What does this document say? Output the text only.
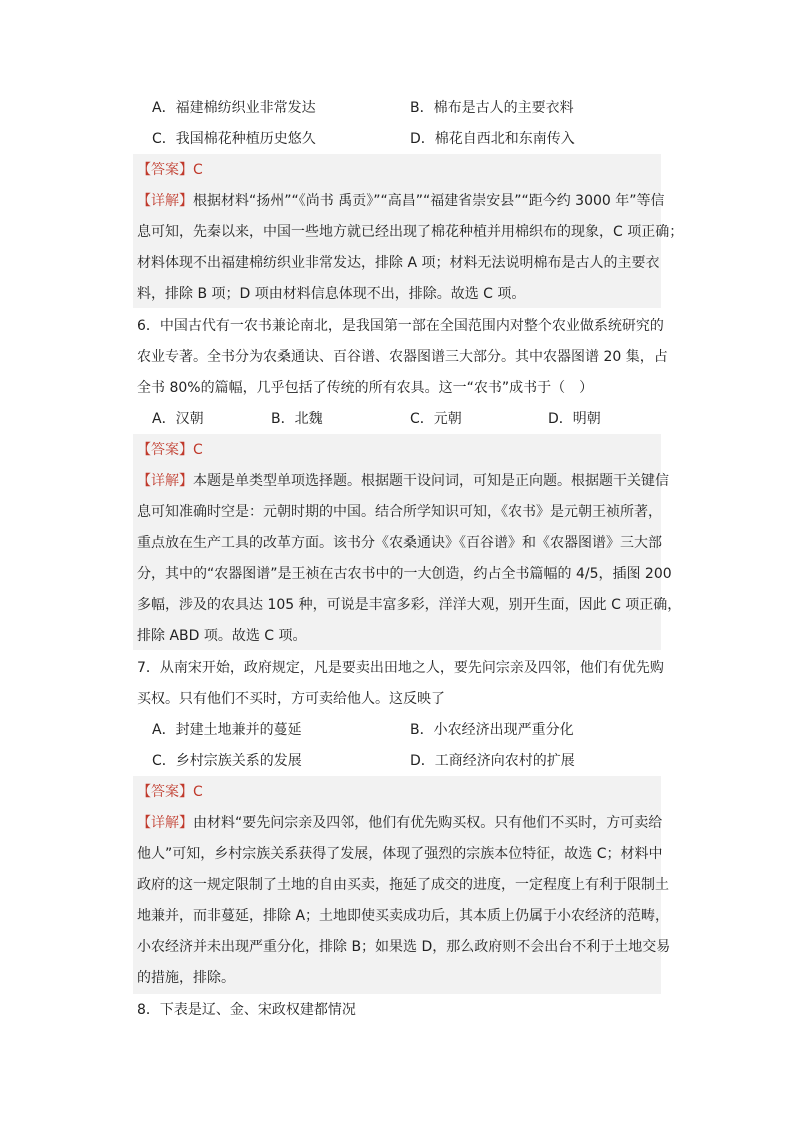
A．福建棉纺织业非常发达	B．棉布是古人的主要衣料
C．我国棉花种植历史悠久	D．棉花自西北和东南传入
【答案】C
【详解】根据材料“扬州”“《尚书 禹贡》”“高昌”“福建省崇安县”“距今约 3000 年”等信
息可知，先秦以来，中国一些地方就已经出现了棉花种植并用棉织布的现象，C 项正确；
材料体现不出福建棉纺织业非常发达，排除 A 项；材料无法说明棉布是古人的主要衣
料，排除 B 项；D 项由材料信息体现不出，排除。故选 C 项。
6．中国古代有一农书兼论南北，是我国第一部在全国范围内对整个农业做系统研究的
农业专著。全书分为农桑通诀、百谷谱、农器图谱三大部分。其中农器图谱 20 集，占
全书 80%的篇幅，几乎包括了传统的所有农具。这一“农书”成书于（　）
A．汉朝	B．北魏	C．元朝	D．明朝
【答案】C
【详解】本题是单类型单项选择题。根据题干设问词，可知是正向题。根据题干关键信
息可知准确时空是：元朝时期的中国。结合所学知识可知，《农书》是元朝王祯所著，
重点放在生产工具的改革方面。该书分《农桑通诀》《百谷谱》和《农器图谱》三大部
分，其中的“农器图谱”是王祯在古农书中的一大创造，约占全书篇幅的 4/5，插图 200
多幅，涉及的农具达 105 种，可说是丰富多彩，洋洋大观，别开生面，因此 C 项正确，
排除 ABD 项。故选 C 项。
7．从南宋开始，政府规定，凡是要卖出田地之人，要先问宗亲及四邻，他们有优先购
买权。只有他们不买时，方可卖给他人。这反映了
A．封建土地兼并的蔓延	B．小农经济出现严重分化
C．乡村宗族关系的发展	D．工商经济向农村的扩展
【答案】C
【详解】由材料“要先问宗亲及四邻，他们有优先购买权。只有他们不买时，方可卖给
他人”可知，乡村宗族关系获得了发展，体现了强烈的宗族本位特征，故选 C；材料中
政府的这一规定限制了土地的自由买卖，拖延了成交的进度，一定程度上有利于限制土
地兼并，而非蔓延，排除 A；土地即使买卖成功后，其本质上仍属于小农经济的范畴，
小农经济并未出现严重分化，排除 B；如果选 D，那么政府则不会出台不利于土地交易
的措施，排除。
8．下表是辽、金、宋政权建都情况
